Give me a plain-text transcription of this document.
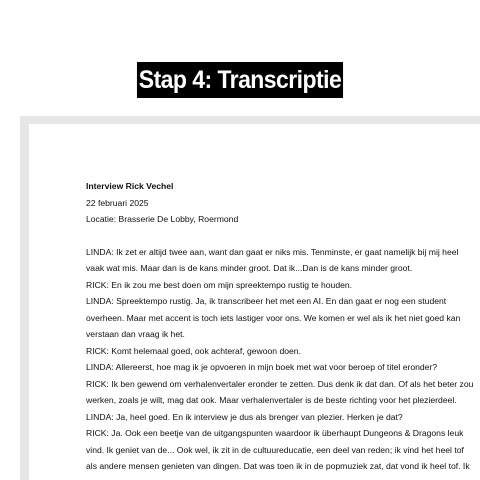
Stap 4: Transcriptie
Interview Rick Vechel
22 februari 2025
Locatie: Brasserie De Lobby, Roermond
LINDA: Ik zet er altijd twee aan, want dan gaat er niks mis. Tenminste, er gaat namelijk bij mij heel
vaak wat mis. Maar dan is de kans minder groot. Dat ik...Dan is de kans minder groot.
RICK: En ik zou me best doen om mijn spreektempo rustig te houden.
LINDA: Spreektempo rustig. Ja, ik transcribeer het met een AI. En dan gaat er nog een student
overheen. Maar met accent is toch iets lastiger voor ons. We komen er wel als ik het niet goed kan
verstaan dan vraag ik het.
RICK: Komt helemaal goed, ook achteraf, gewoon doen.
LINDA: Allereerst, hoe mag ik je opvoeren in mijn boek met wat voor beroep of titel eronder?
RICK: Ik ben gewend om verhalenvertaler eronder te zetten. Dus denk ik dat dan. Of als het beter zou
werken, zoals je wilt, mag dat ook. Maar verhalenvertaler is de beste richting voor het plezierdeel.
LINDA: Ja, heel goed. En ik interview je dus als brenger van plezier. Herken je dat?
RICK: Ja. Ook een beetje van de uitgangspunten waardoor ik überhaupt Dungeons & Dragons leuk
vind. Ik geniet van de... Ook wel, ik zit in de cultuureducatie, een deel van reden; ik vind het heel tof
als andere mensen genieten van dingen. Dat was toen ik in de popmuziek zat, dat vond ik heel tof. Ik
